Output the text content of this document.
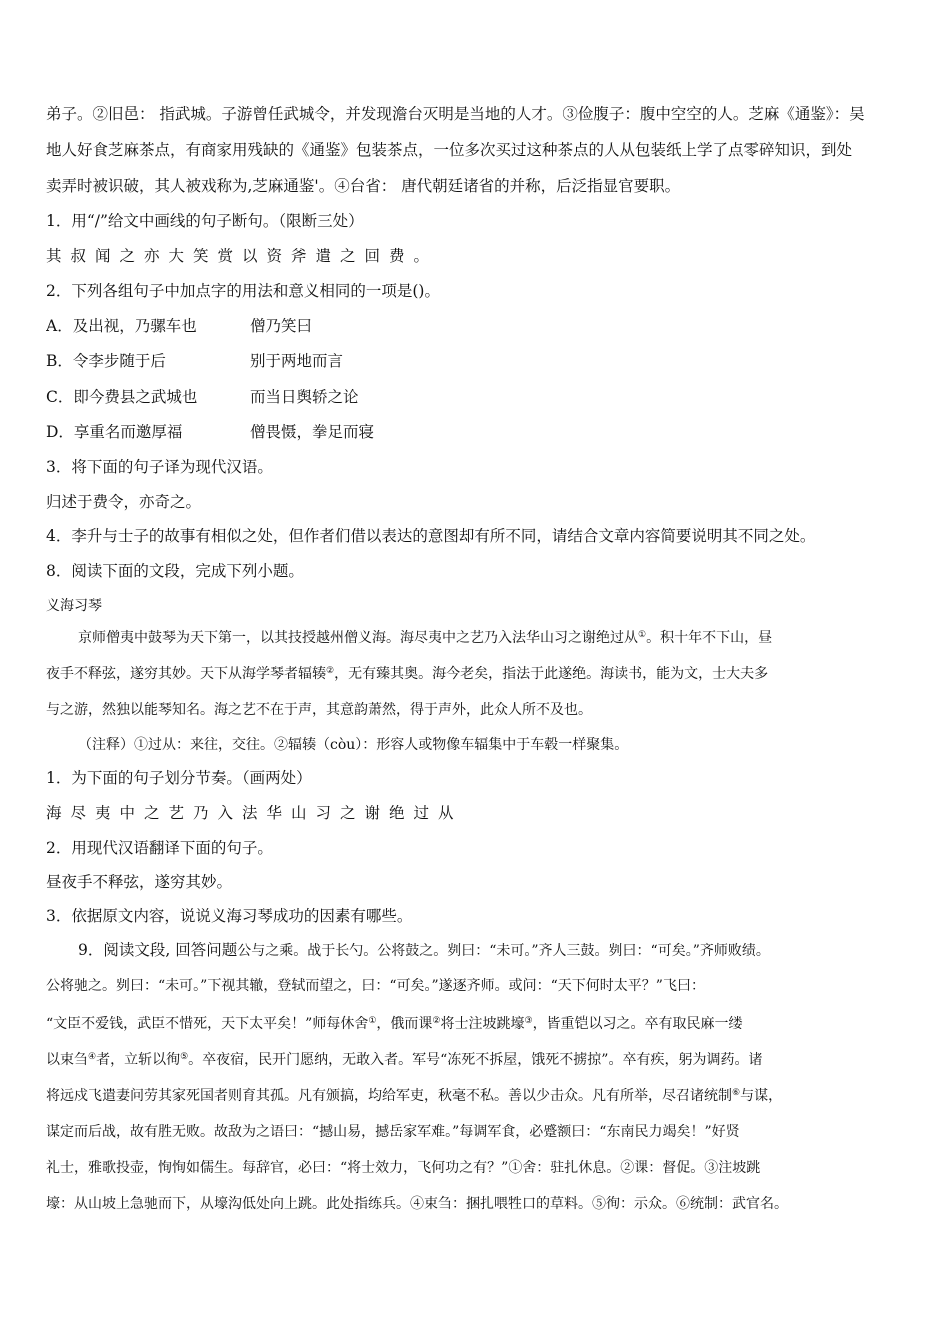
弟子。②旧邑： 指武城。子游曾任武城令，并发现澹台灭明是当地的人才。③俭腹子：腹中空空的人。芝麻《通鉴》：吴
地人好食芝麻茶点，有商家用残缺的《通鉴》包装茶点，一位多次买过这种茶点的人从包装纸上学了点零碎知识，到处
卖弄时被识破，其人被戏称为,芝麻通鉴'。④台省： 唐代朝廷诸省的并称，后泛指显官要职。
1．用“/”给文中画线的句子断句。（限断三处）
其叔闻之亦大笑赏以资斧遣之回费。
2．下列各组句子中加点字的用法和意义相同的一项是()。
A．及出视，乃骡车也	僧乃笑曰
B．令李步随于后	别于两地而言
C．即今费县之武城也	而当日舆轿之论
D．享重名而邀厚福	僧畏慑，拳足而寝
3．将下面的句子译为现代汉语。
归述于费令，亦奇之。
4．李升与士子的故事有相似之处，但作者们借以表达的意图却有所不同，请结合文章内容简要说明其不同之处。
8．阅读下面的文段，完成下列小题。
义海习琴
京师僧夷中鼓琴为天下第一，以其技授越州僧义海。海尽夷中之艺乃入法华山习之谢绝过从①。积十年不下山，昼
夜手不释弦，遂穷其妙。天下从海学琴者辐辏②，无有臻其奥。海今老矣，指法于此遂绝。海读书，能为文，士大夫多
与之游，然独以能琴知名。海之艺不在于声，其意韵萧然，得于声外，此众人所不及也。
（注释）①过从：来往，交往。②辐辏（còu）：形容人或物像车辐集中于车毂一样聚集。
1．为下面的句子划分节奏。（画两处）
海尽夷中之艺乃入法华山习之谢绝过从
2．用现代汉语翻译下面的句子。
昼夜手不释弦，遂穷其妙。
3．依据原文内容，说说义海习琴成功的因素有哪些。
9．阅读文段, 回答问题公与之乘。战于长勺。公将鼓之。刿曰：“未可。”齐人三鼓。刿曰：“可矣。”齐师败绩。
公将驰之。刿曰：“未可。”下视其辙，登轼而望之，曰：“可矣。”遂逐齐师。或问：“天下何时太平？”飞曰：
“文臣不爱钱，武臣不惜死，天下太平矣！”师每休舍①，俄而课②将士注坡跳壕③，皆重铠以习之。卒有取民麻一缕
以束刍④者，立斩以徇⑤。卒夜宿，民开门愿纳，无敢入者。军号“冻死不拆屋，饿死不掳掠”。卒有疾，躬为调药。诸
将远戍飞遣妻问劳其家死国者则育其孤。凡有颁搞，均给军吏，秋毫不私。善以少击众。凡有所举，尽召诸统制⑥与谋，
谋定而后战，故有胜无败。故敌为之语曰：“撼山易，撼岳家军难。”每调军食，必蹙额曰：“东南民力竭矣！”好贤
礼士，雅歌投壶，恂恂如儒生。每辞官，必曰：“将士效力，飞何功之有？”①舍：驻扎休息。②课：督促。③注坡跳
壕：从山坡上急驰而下，从壕沟低处向上跳。此处指练兵。④束刍：捆扎喂牲口的草料。⑤徇：示众。⑥统制：武官名。
